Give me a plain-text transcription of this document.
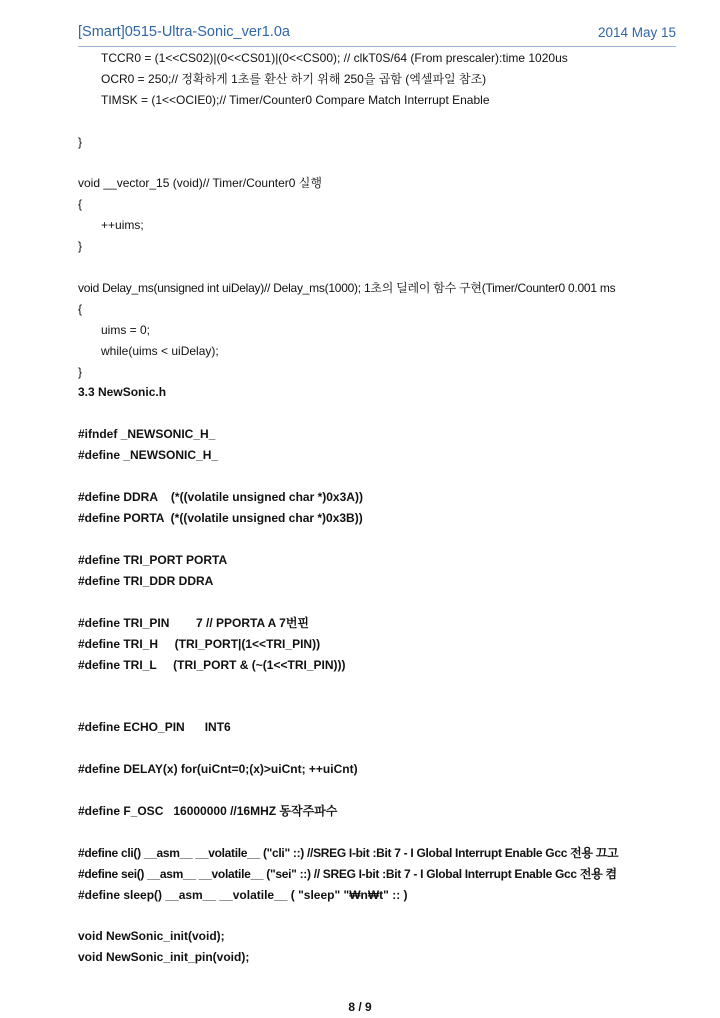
[Smart]0515-Ultra-Sonic_ver1.0a	2014 May 15
TCCR0 = (1<<CS02)|(0<<CS01)|(0<<CS00); // clkT0S/64 (From prescaler):time 1020us
OCR0 = 250;// 정확하게 1초를 환산 하기 위해 250을 곱함 (엑셀파일 참조)
TIMSK = (1<<OCIE0);// Timer/Counter0 Compare Match Interrupt Enable
}
void __vector_15 (void)// Timer/Counter0 실행
{
++uims;
}
void Delay_ms(unsigned int uiDelay)// Delay_ms(1000); 1초의 딜레이 함수 구현(Timer/Counter0 0.001 ms
{
uims = 0;
while(uims < uiDelay);
}
3.3 NewSonic.h
#ifndef _NEWSONIC_H_
#define _NEWSONIC_H_
#define DDRA    (*((volatile unsigned char *)0x3A))
#define PORTA  (*((volatile unsigned char *)0x3B))
#define TRI_PORT PORTA
#define TRI_DDR DDRA
#define TRI_PIN        7 // PPORTA A 7번핀
#define TRI_H     (TRI_PORT|(1<<TRI_PIN))
#define TRI_L     (TRI_PORT & (~(1<<TRI_PIN)))
#define ECHO_PIN      INT6
#define DELAY(x) for(uiCnt=0;(x)>uiCnt; ++uiCnt)
#define F_OSC   16000000 //16MHZ 동작주파수
#define cli() __asm__ __volatile__ ("cli" ::) //SREG I-bit :Bit 7 - I Global Interrupt Enable Gcc 전용 끄고
#define sei() __asm__ __volatile__ ("sei" ::) // SREG I-bit :Bit 7 - I Global Interrupt Enable Gcc 전용 켬
#define sleep() __asm__ __volatile__ ( "sleep" "₩n₩t" :: )
void NewSonic_init(void);
void NewSonic_init_pin(void);
8 / 9
